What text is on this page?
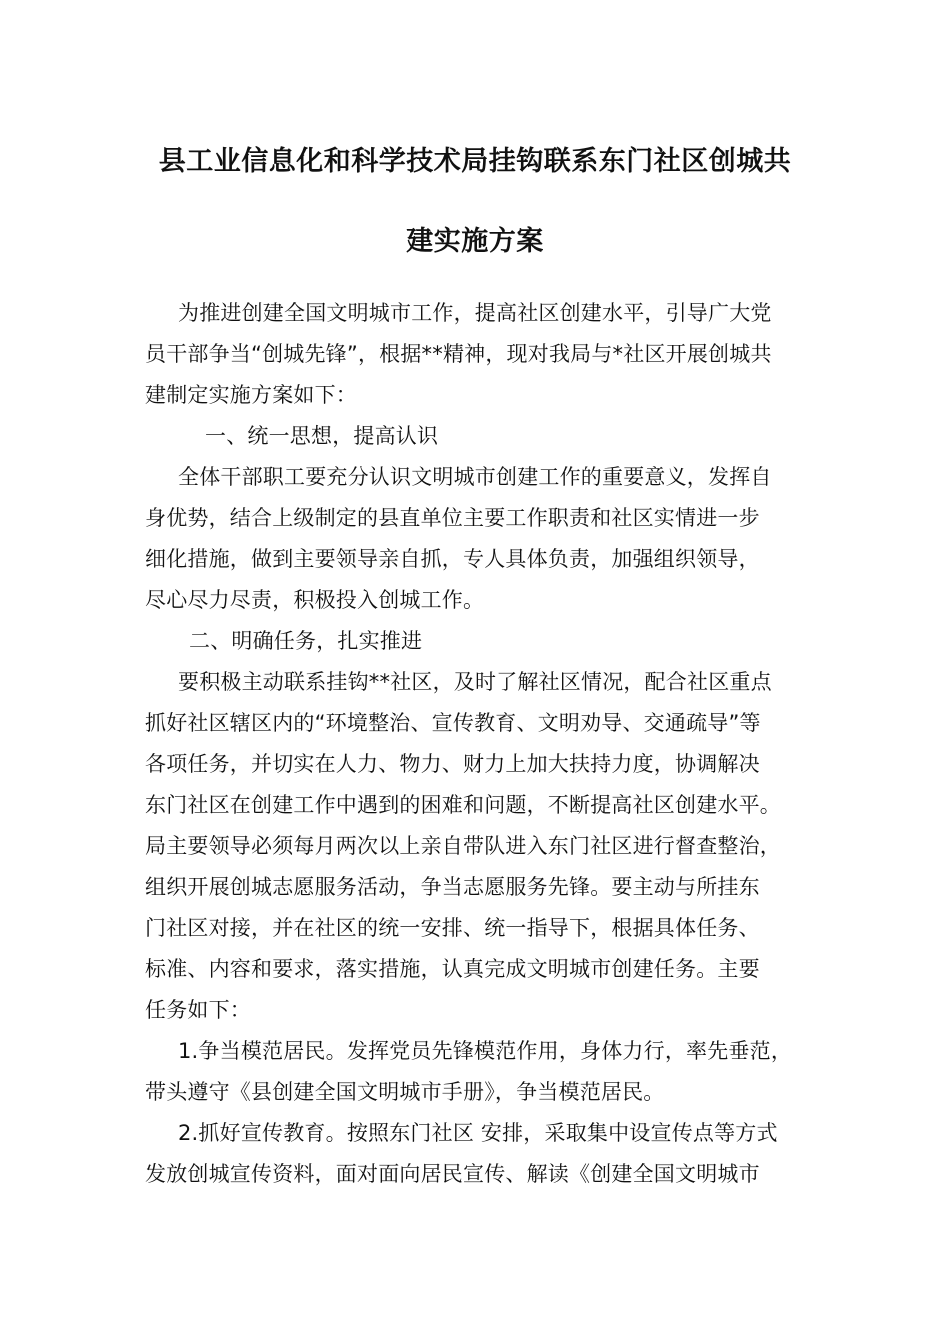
县工业信息化和科学技术局挂钩联系东门社区创城共
建实施方案
为推进创建全国文明城市工作，提高社区创建水平，引导广大党
员干部争当“创城先锋”，根据**精神，现对我局与*社区开展创城共
建制定实施方案如下：
一、统一思想，提高认识
全体干部职工要充分认识文明城市创建工作的重要意义，发挥自
身优势，结合上级制定的县直单位主要工作职责和社区实情进一步
细化措施，做到主要领导亲自抓，专人具体负责，加强组织领导，
尽心尽力尽责，积极投入创城工作。
二、明确任务，扎实推进
要积极主动联系挂钩**社区，及时了解社区情况，配合社区重点
抓好社区辖区内的“环境整治、宣传教育、文明劝导、交通疏导”等
各项任务，并切实在人力、物力、财力上加大扶持力度，协调解决
东门社区在创建工作中遇到的困难和问题，不断提高社区创建水平。
局主要领导必须每月两次以上亲自带队进入东门社区进行督查整治，
组织开展创城志愿服务活动，争当志愿服务先锋。要主动与所挂东
门社区对接，并在社区的统一安排、统一指导下，根据具体任务、
标准、内容和要求，落实措施，认真完成文明城市创建任务。主要
任务如下：
1.争当模范居民。发挥党员先锋模范作用，身体力行，率先垂范，
带头遵守《县创建全国文明城市手册》，争当模范居民。
2.抓好宣传教育。按照东门社区 安排，采取集中设宣传点等方式
发放创城宣传资料，面对面向居民宣传、解读《创建全国文明城市
